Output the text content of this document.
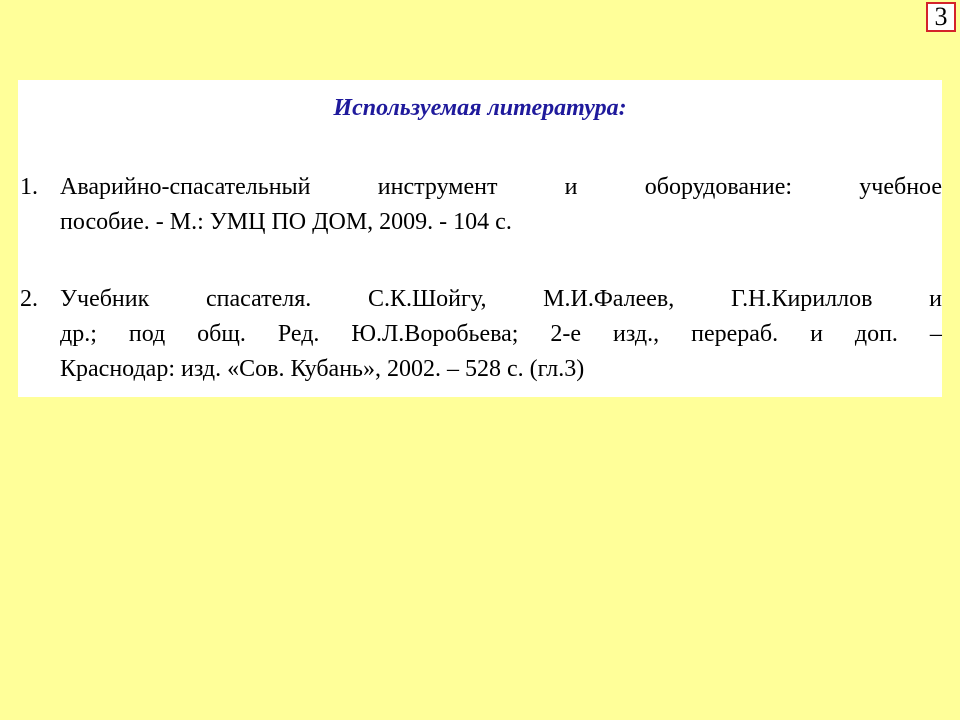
3
Используемая литература:
1. Аварийно-спасательный	инструмент	и	оборудование:	учебное
пособие. - М.: УМЦ ПО ДОМ, 2009. - 104 с.
2. Учебник спасателя. С.К.Шойгу, М.И.Фалеев, Г.Н.Кириллов и
др.; под общ. Ред. Ю.Л.Воробьева; 2-е изд., перераб. и доп. –
Краснодар: изд. «Сов. Кубань», 2002. – 528 с. (гл.3)
